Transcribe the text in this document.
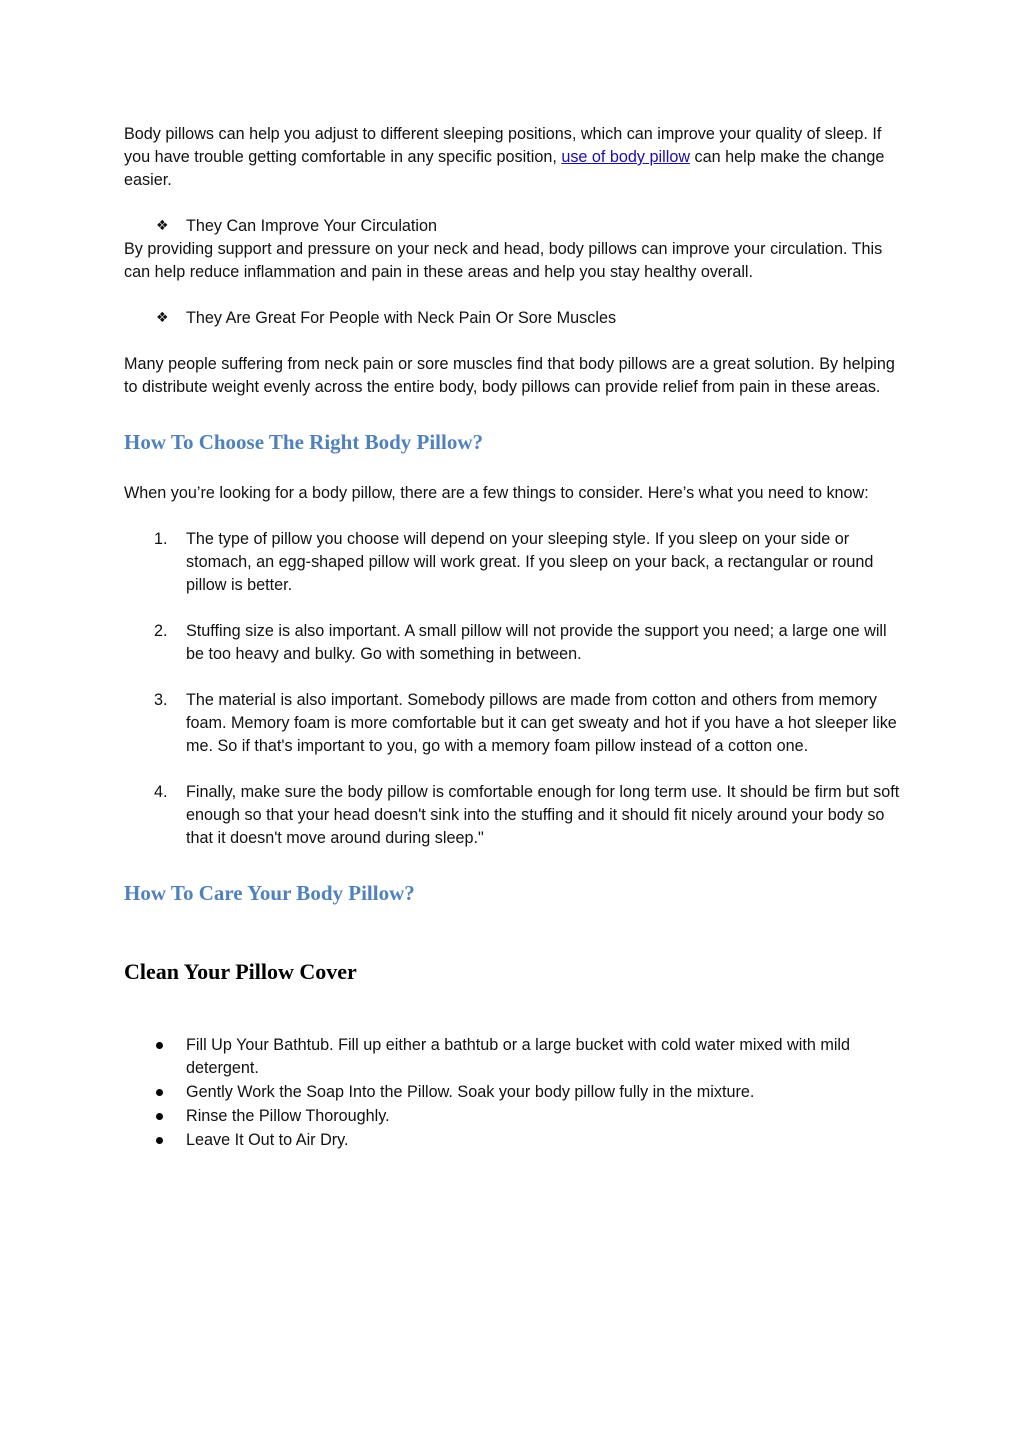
Body pillows can help you adjust to different sleeping positions, which can improve your quality of sleep. If you have trouble getting comfortable in any specific position, use of body pillow can help make the change easier.

❖ They Can Improve Your Circulation

By providing support and pressure on your neck and head, body pillows can improve your circulation. This can help reduce inflammation and pain in these areas and help you stay healthy overall.

❖ They Are Great For People with Neck Pain Or Sore Muscles

Many people suffering from neck pain or sore muscles find that body pillows are a great solution. By helping to distribute weight evenly across the entire body, body pillows can provide relief from pain in these areas.

How To Choose The Right Body Pillow?

When you’re looking for a body pillow, there are a few things to consider. Here’s what you need to know:

1. The type of pillow you choose will depend on your sleeping style. If you sleep on your side or stomach, an egg-shaped pillow will work great. If you sleep on your back, a rectangular or round pillow is better.
2. Stuffing size is also important. A small pillow will not provide the support you need; a large one will be too heavy and bulky. Go with something in between.
3. The material is also important. Somebody pillows are made from cotton and others from memory foam. Memory foam is more comfortable but it can get sweaty and hot if you have a hot sleeper like me. So if that's important to you, go with a memory foam pillow instead of a cotton one.
4. Finally, make sure the body pillow is comfortable enough for long term use. It should be firm but soft enough so that your head doesn't sink into the stuffing and it should fit nicely around your body so that it doesn't move around during sleep."
How To Care Your Body Pillow?
Clean Your Pillow Cover
Fill Up Your Bathtub. Fill up either a bathtub or a large bucket with cold water mixed with mild detergent.
Gently Work the Soap Into the Pillow. Soak your body pillow fully in the mixture.
Rinse the Pillow Thoroughly.
Leave It Out to Air Dry.
